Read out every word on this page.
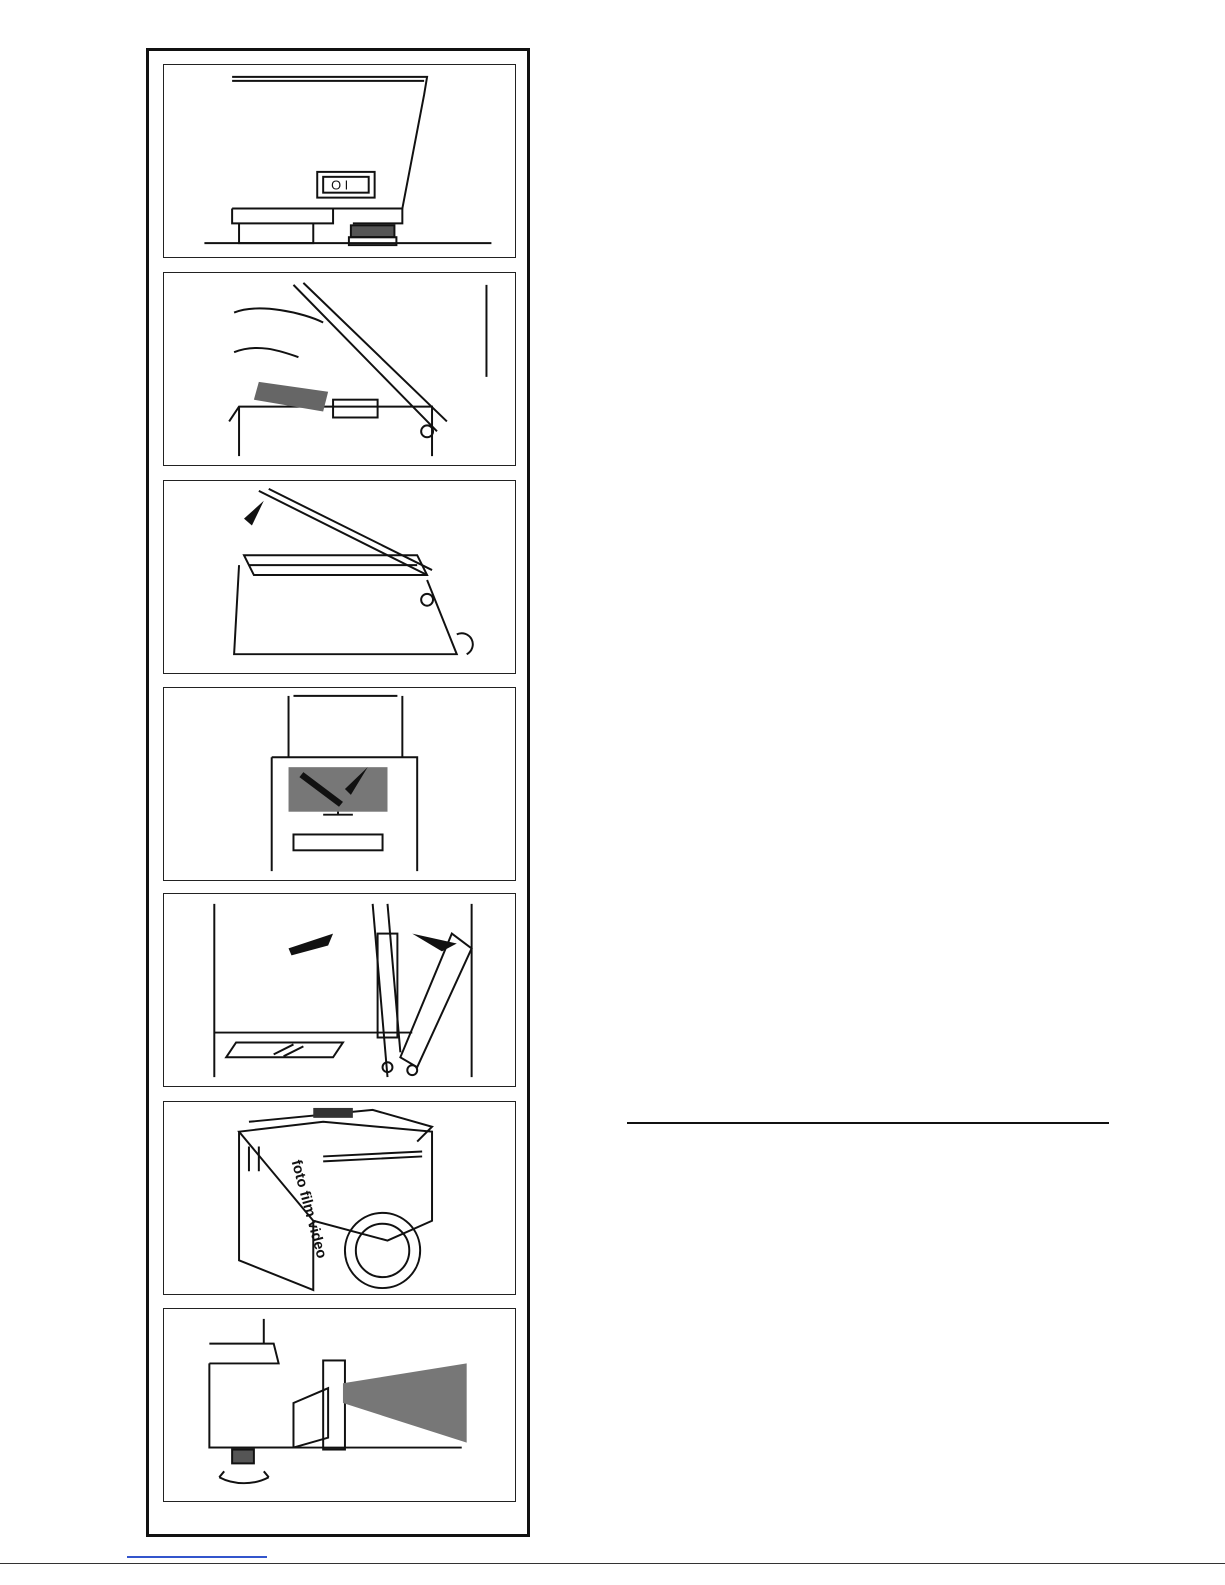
O I
foto film video
